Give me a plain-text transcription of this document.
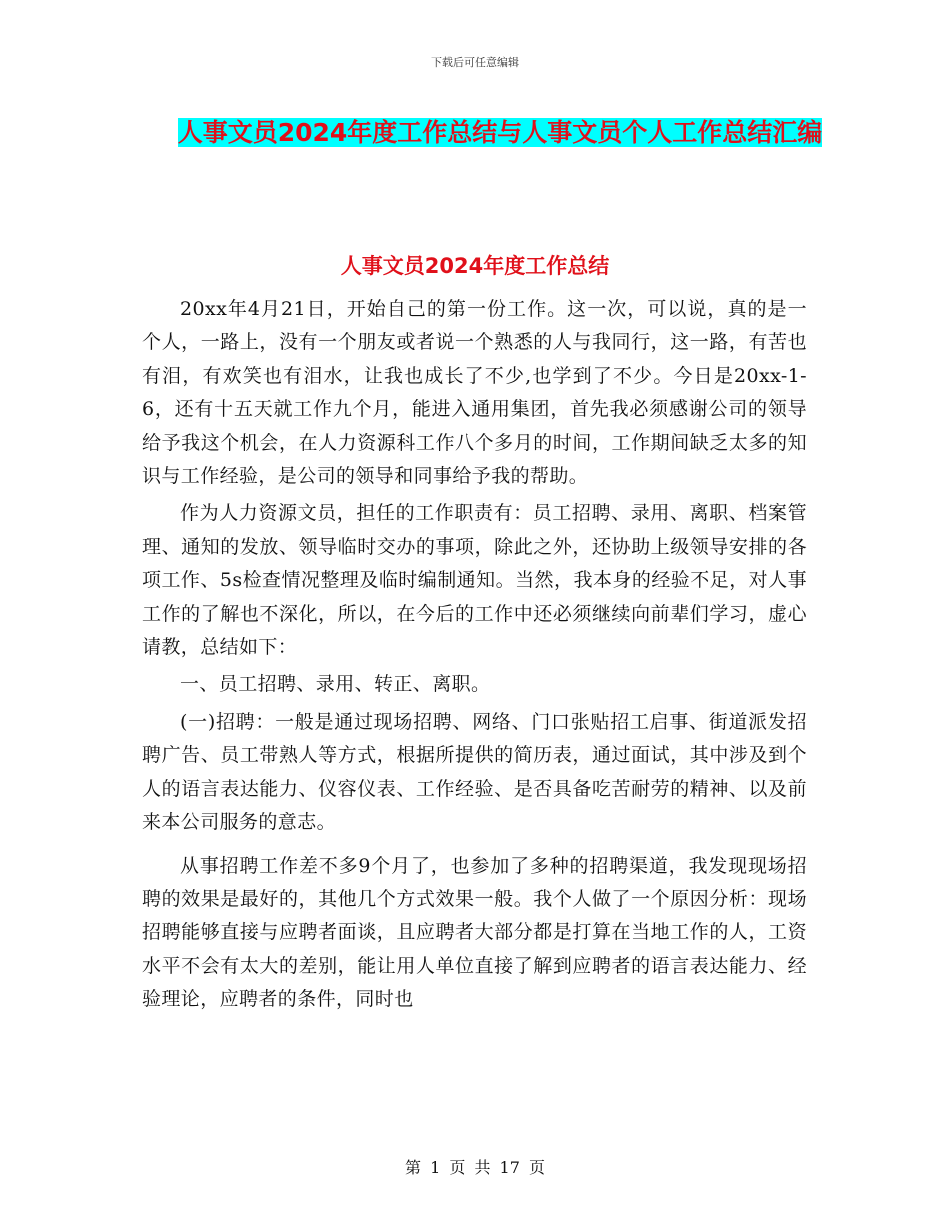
下载后可任意编辑
人事文员2024年度工作总结与人事文员个人工作总结汇编
人事文员2024年度工作总结

20xx年4月21日，开始自己的第一份工作。这一次，可以说，真的是一个人，一路上，没有一个朋友或者说一个熟悉的人与我同行，这一路，有苦也有泪，有欢笑也有泪水，让我也成长了不少,也学到了不少。今日是20xx-1-6，还有十五天就工作九个月，能进入通用集团，首先我必须感谢公司的领导给予我这个机会，在人力资源科工作八个多月的时间，工作期间缺乏太多的知识与工作经验，是公司的领导和同事给予我的帮助。

作为人力资源文员，担任的工作职责有：员工招聘、录用、离职、档案管理、通知的发放、领导临时交办的事项，除此之外，还协助上级领导安排的各项工作、5s检查情况整理及临时编制通知。当然，我本身的经验不足，对人事工作的了解也不深化，所以，在今后的工作中还必须继续向前辈们学习，虚心请教，总结如下：

一、员工招聘、录用、转正、离职。

(一)招聘：一般是通过现场招聘、网络、门口张贴招工启事、街道派发招聘广告、员工带熟人等方式，根据所提供的简历表，通过面试，其中涉及到个人的语言表达能力、仪容仪表、工作经验、是否具备吃苦耐劳的精神、以及前来本公司服务的意志。

从事招聘工作差不多9个月了，也参加了多种的招聘渠道，我发现现场招聘的效果是最好的，其他几个方式效果一般。我个人做了一个原因分析：现场招聘能够直接与应聘者面谈，且应聘者大部分都是打算在当地工作的人，工资水平不会有太大的差别，能让用人单位直接了解到应聘者的语言表达能力、经验理论，应聘者的条件，同时也

第 1 页 共 17 页
